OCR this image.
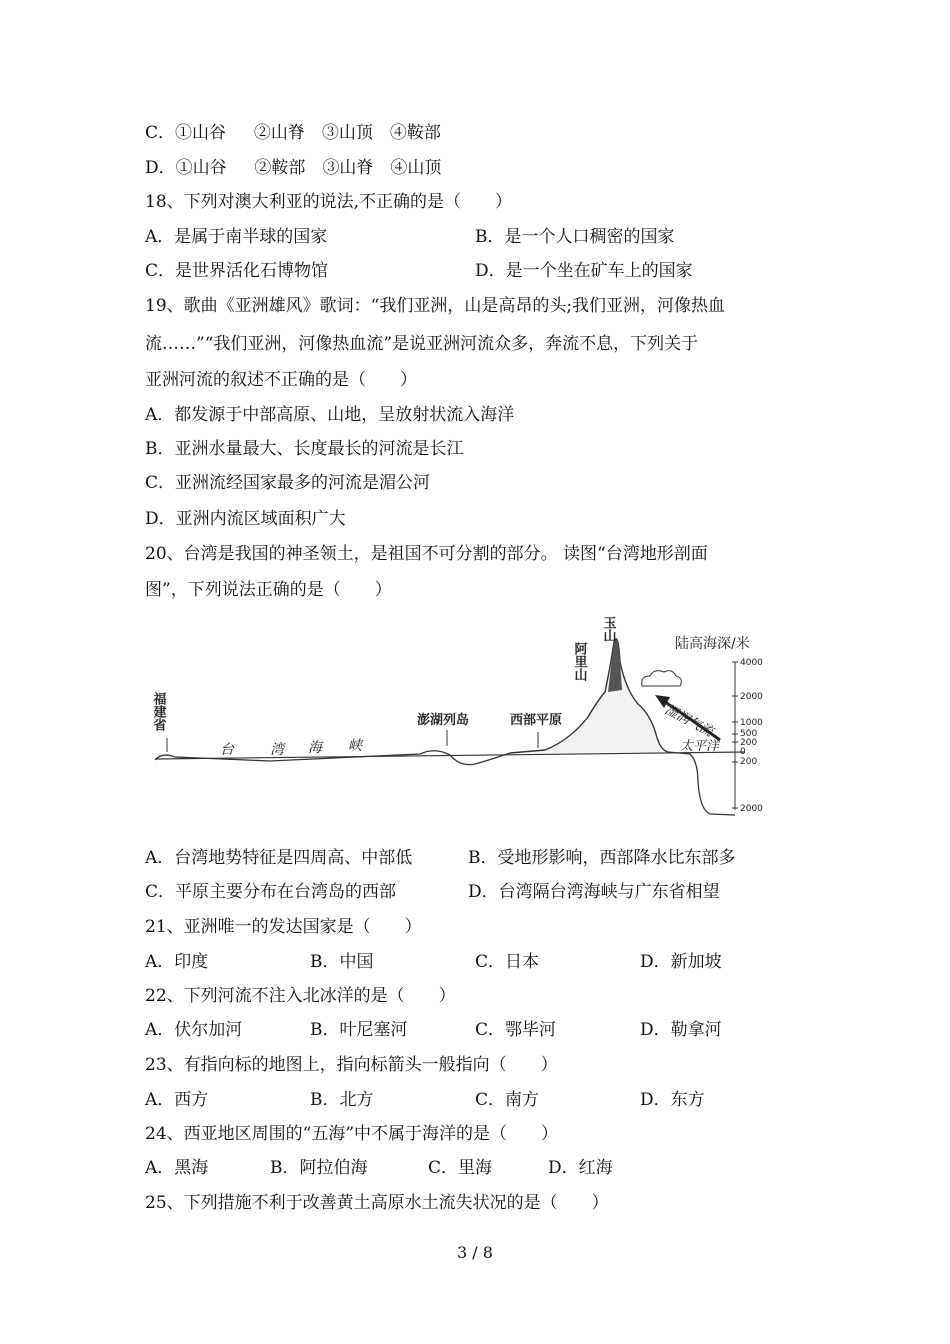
C．①山谷　  ②山脊　③山顶　④鞍部
D．①山谷　  ②鞍部　③山脊　④山顶
18、下列对澳大利亚的说法,不正确的是（　　）
A．是属于南半球的国家	B．是一个人口稠密的国家
C．是世界活化石博物馆	D．是一个坐在矿车上的国家
19、歌曲《亚洲雄风》歌词：“我们亚洲，山是高昂的头;我们亚洲，河像热血
流……”“我们亚洲，河像热血流”是说亚洲河流众多，奔流不息，下列关于
亚洲河流的叙述不正确的是（　　）
A．都发源于中部高原、山地，呈放射状流入海洋
B．亚洲水量最大、长度最长的河流是长江
C．亚洲流经国家最多的河流是湄公河
D．亚洲内流区域面积广大
20、台湾是我国的神圣领土，是祖国不可分割的部分。 读图“台湾地形剖面
图”，下列说法正确的是（　　）
4000
2000
1000
500
200
0
200
2000
陆高海深/米
福建省
台	湾 海 峡
澎湖列岛	西部平原
阿里山
玉山
湿润气流
太平洋
A．台湾地势特征是四周高、中部低	B．受地形影响，西部降水比东部多
C．平原主要分布在台湾岛的西部	D．台湾隔台湾海峡与广东省相望
21、亚洲唯一的发达国家是（　　）
A．印度	B．中国	C．日本	D．新加坡
22、下列河流不注入北冰洋的是（　　）
A．伏尔加河	B．叶尼塞河	C．鄂毕河	D．勒拿河
23、有指向标的地图上，指向标箭头一般指向（　　）
A．西方	B．北方	C．南方	D．东方
24、西亚地区周围的“五海”中不属于海洋的是（　　）
A．黑海	B．阿拉伯海	C．里海	D．红海
25、下列措施不利于改善黄土高原水土流失状况的是（　　）
3 / 8
